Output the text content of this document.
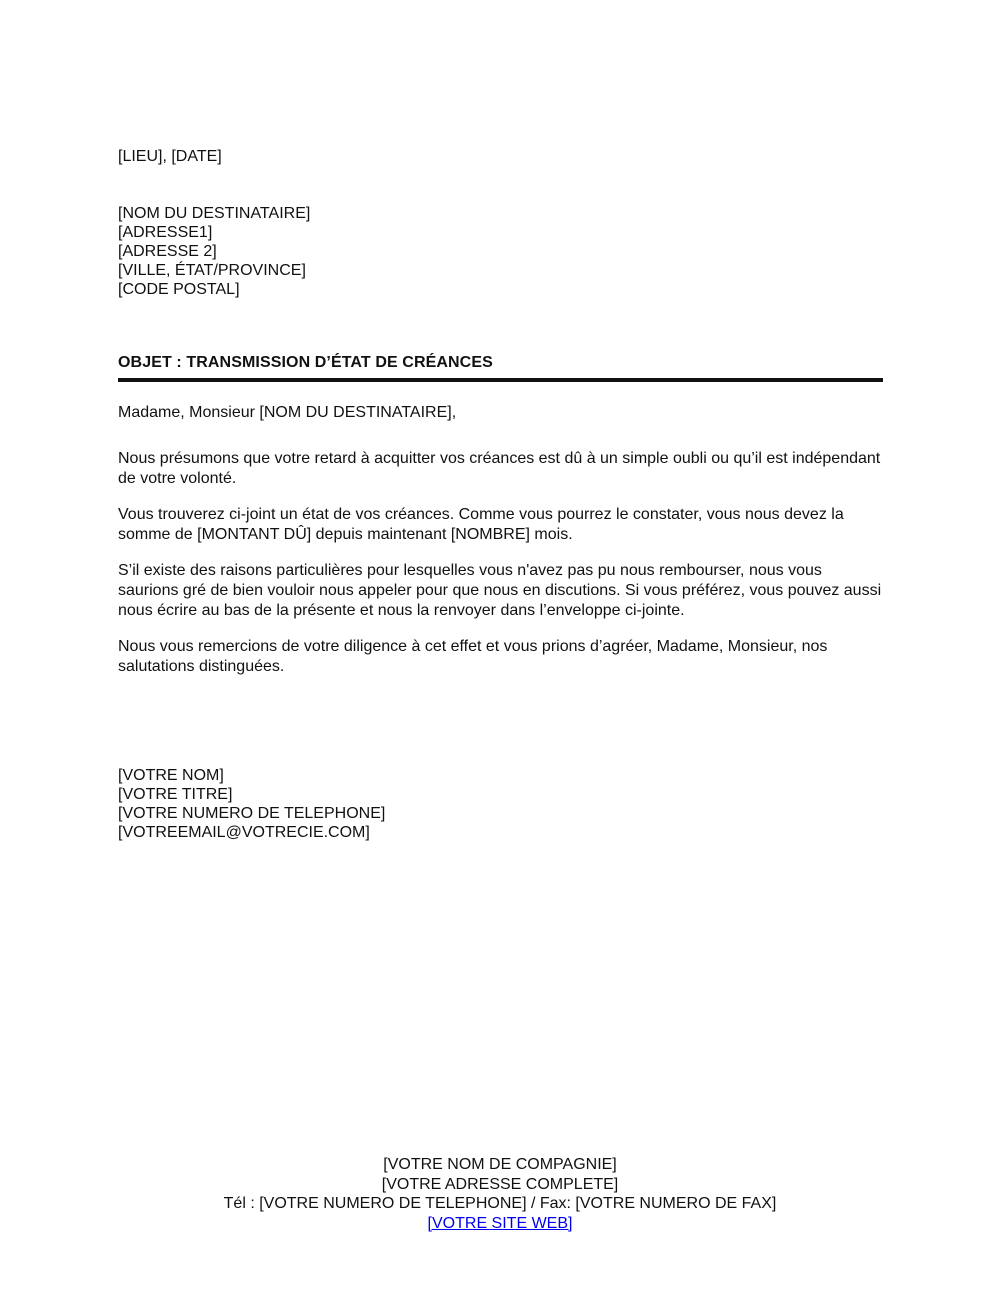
[LIEU], [DATE]
[NOM DU DESTINATAIRE]
[ADRESSE1]
[ADRESSE 2]
[VILLE, ÉTAT/PROVINCE]
[CODE POSTAL]
OBJET : TRANSMISSION D’ÉTAT DE CRÉANCES
Madame, Monsieur [NOM DU DESTINATAIRE],

Nous présumons que votre retard à acquitter vos créances est dû à un simple oubli ou qu’il est indépendant de votre volonté.

Vous trouverez ci-joint un état de vos créances. Comme vous pourrez le constater, vous nous devez la somme de [MONTANT DÛ] depuis maintenant [NOMBRE] mois.

S’il existe des raisons particulières pour lesquelles vous n'avez pas pu nous rembourser, nous vous saurions gré de bien vouloir nous appeler pour que nous en discutions. Si vous préférez, vous pouvez aussi nous écrire au bas de la présente et nous la renvoyer dans l’enveloppe ci-jointe.

Nous vous remercions de votre diligence à cet effet et vous prions d’agréer, Madame, Monsieur, nos salutations distinguées.

[VOTRE NOM]
[VOTRE TITRE]
[VOTRE NUMERO DE TELEPHONE]
[VOTREEMAIL@VOTRECIE.COM]
[VOTRE NOM DE COMPAGNIE]
[VOTRE ADRESSE COMPLETE]
Tél : [VOTRE NUMERO DE TELEPHONE] / Fax: [VOTRE NUMERO DE FAX]
[VOTRE SITE WEB]
